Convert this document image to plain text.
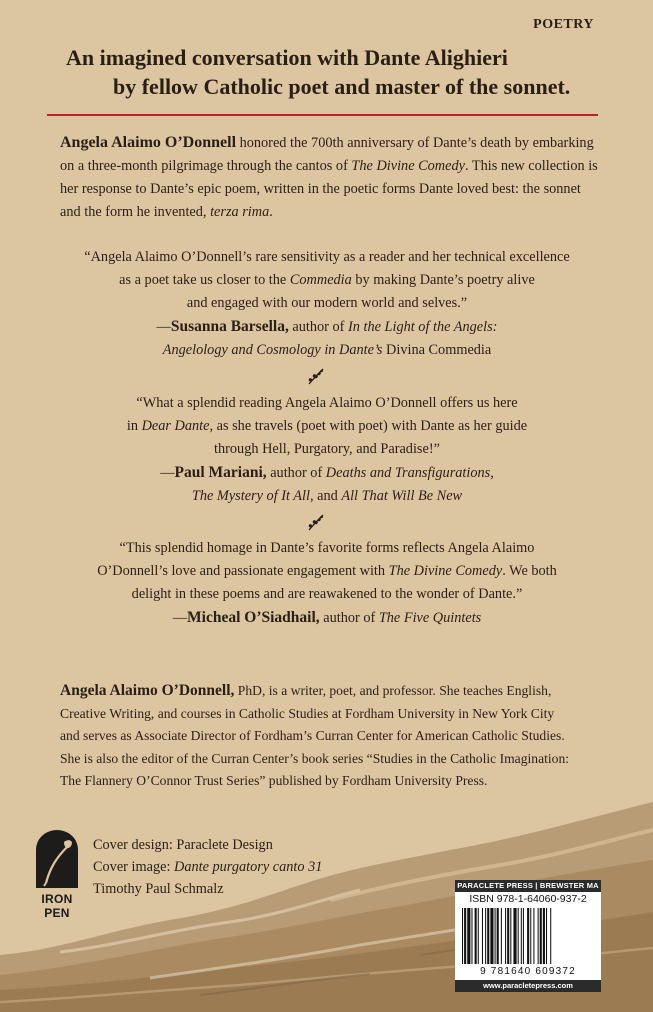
POETRY
An imagined conversation with Dante Alighieri
by fellow Catholic poet and master of the sonnet.
Angela Alaimo O’Donnell honored the 700th anniversary of Dante’s death by embarking on a three-month pilgrimage through the cantos of The Divine Comedy. This new collection is her response to Dante’s epic poem, written in the poetic forms Dante loved best: the sonnet and the form he invented, terza rima.
“Angela Alaimo O’Donnell’s rare sensitivity as a reader and her technical excellence
as a poet take us closer to the Commedia by making Dante’s poetry alive
and engaged with our modern world and selves.”
—Susanna Barsella, author of In the Light of the Angels:
Angelology and Cosmology in Dante’s Divina Commedia
“What a splendid reading Angela Alaimo O’Donnell offers us here
in Dear Dante, as she travels (poet with poet) with Dante as her guide
through Hell, Purgatory, and Paradise!”
—Paul Mariani, author of Deaths and Transfigurations,
The Mystery of It All, and All That Will Be New
“This splendid homage in Dante’s favorite forms reflects Angela Alaimo
O’Donnell’s love and passionate engagement with The Divine Comedy. We both
delight in these poems and are reawakened to the wonder of Dante.”
—Micheal O’Siadhail, author of The Five Quintets
Angela Alaimo O’Donnell, PhD, is a writer, poet, and professor. She teaches English,
Creative Writing, and courses in Catholic Studies at Fordham University in New York City
and serves as Associate Director of Fordham’s Curran Center for American Catholic Studies.
She is also the editor of the Curran Center’s book series “Studies in the Catholic Imagination:
The Flannery O’Connor Trust Series” published by Fordham University Press.
IRON
PEN
Cover design: Paraclete Design
Cover image: Dante purgatory canto 31
Timothy Paul Schmalz	PARACLETE PRESS | BREWSTER MA
ISBN 978-1-64060-937-2
9 781640 609372
www.paracletepress.com
